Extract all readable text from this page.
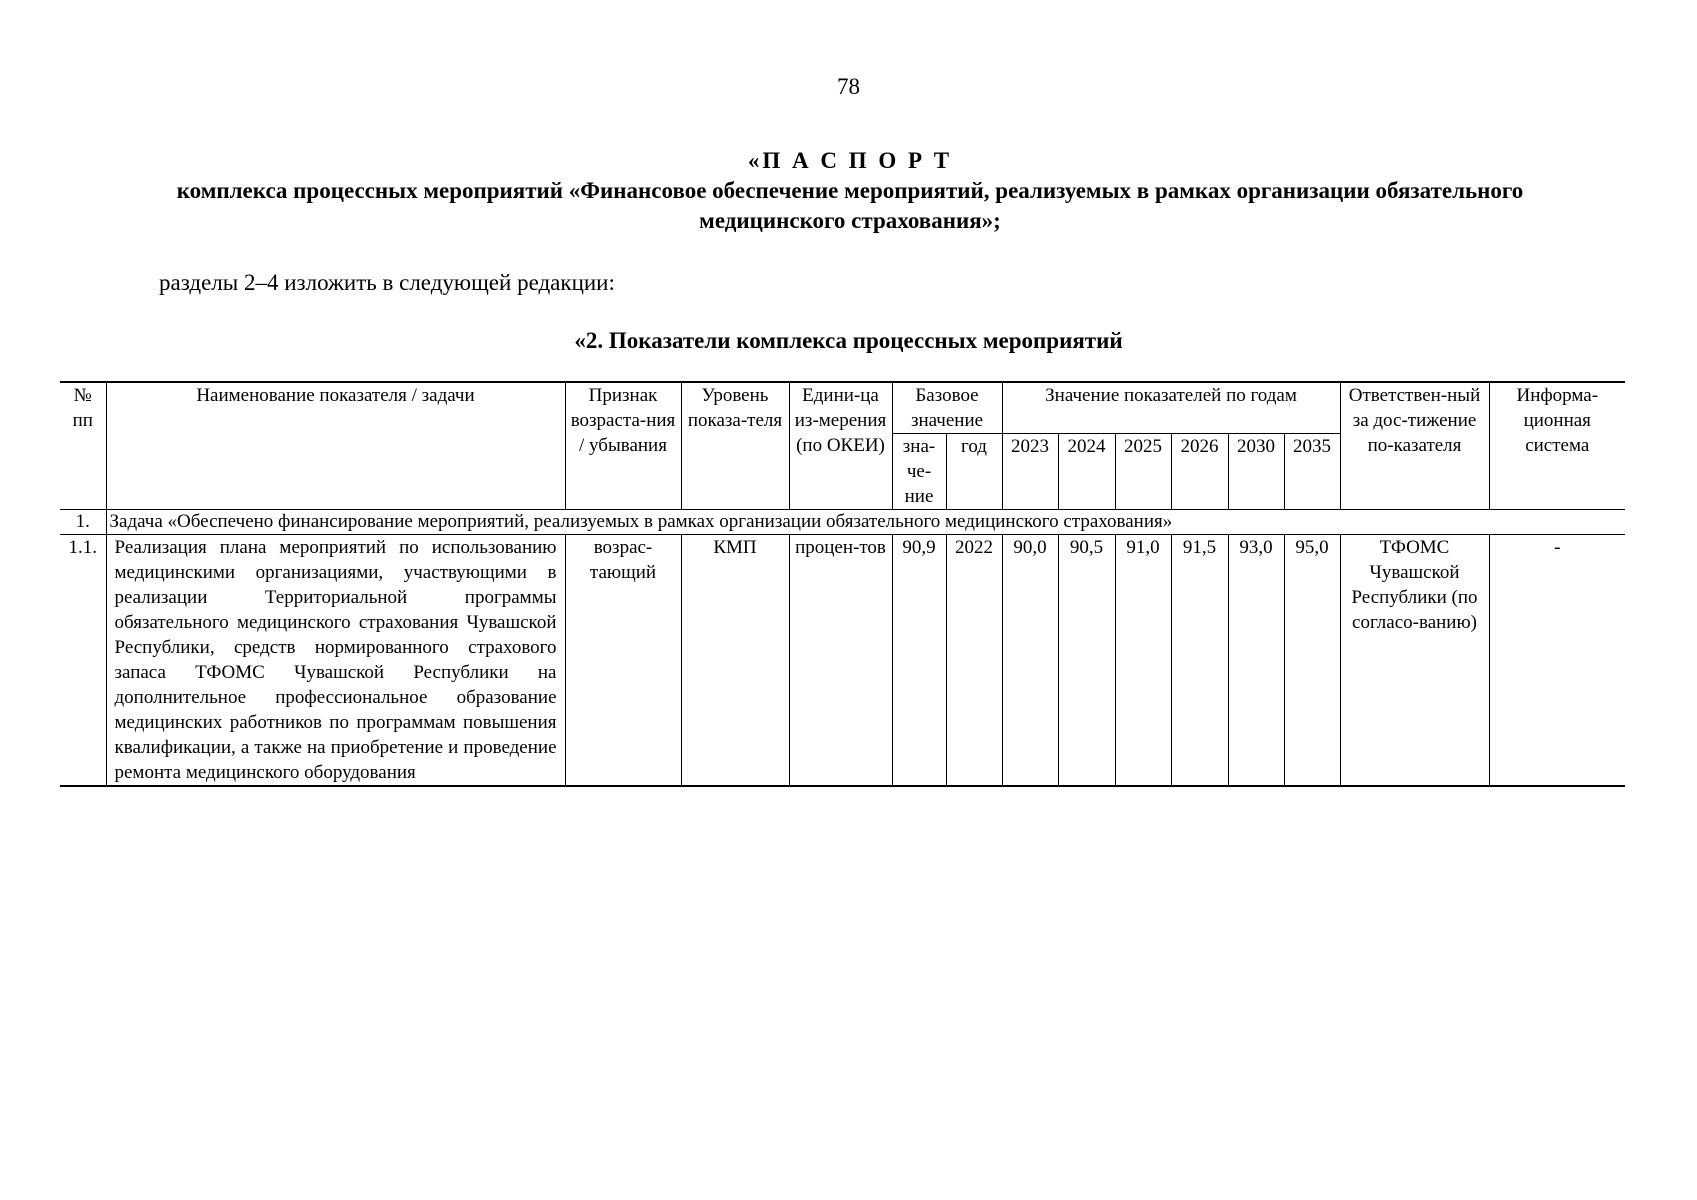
78
«П А С П О Р Т
комплекса процессных мероприятий «Финансовое обеспечение мероприятий, реализуемых в рамках организации обязательного медицинского страхования»;
разделы 2–4 изложить в следующей редакции:
«2. Показатели комплекса процессных мероприятий
№ пп	Наименование показателя / задачи	Признак возраста-ния / убывания	Уровень показа-теля	Едини-ца из-мерения (по ОКЕИ)	Базовое значение		Значение показателей по годам						Ответствен-ный за дос-тижение по-казателя	Информа-ционная система
					зна-че-ние	год	2023	2024	2025	2026	2030	2035		
1.	Задача «Обеспечено финансирование мероприятий, реализуемых в рамках организации обязательного медицинского страхования»													
1.1.	Реализация плана мероприятий по использованию медицинскими организациями, участвующими в реализации Территориальной программы обязательного медицинского страхования Чувашской Республики, средств нормированного страхового запаса ТФОМС Чувашской Республики на дополнительное профессиональное образование медицинских работников по программам повышения квалификации, а также на приобретение и проведение ремонта медицинского оборудования	возрас-тающий	КМП	процен-тов	90,9	2022	90,0	90,5	91,0	91,5	93,0	95,0	ТФОМС Чувашской Республики (по согласо-ванию)	-
